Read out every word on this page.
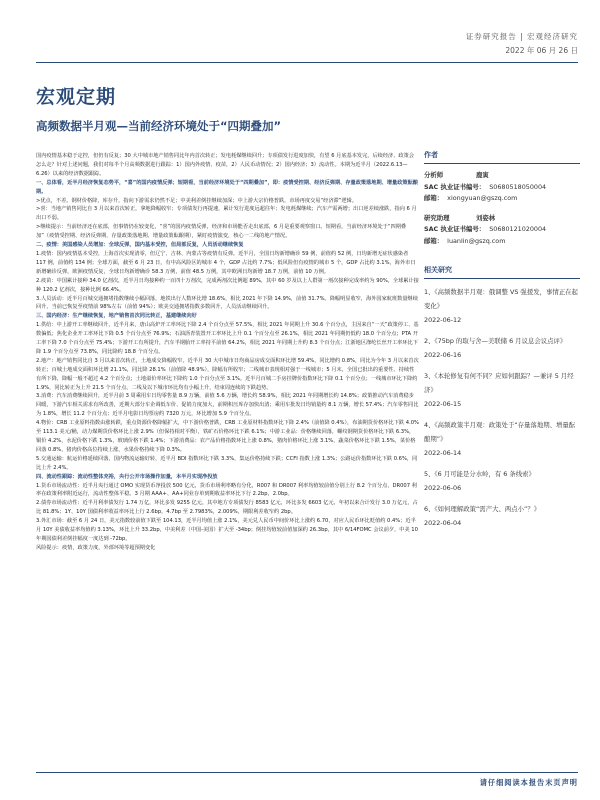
证券研究报告 | 宏观经济研究
2022 年 06 月 26 日
宏观定期
高频数据半月观—当前经济环境处于“四期叠加”

国内疫情基本稳于定控，但仍有反复；30 大中城市地产销售同比年内首次转正；发电耗煤继续回升；专项债发行进度加快，有望 6 月底基本发完，后续经济、政策会怎么走？针对上述问题，我们对每半个月高频数据进行跟踪：1）国内外疫情、疫苗，2）人民币动情况；2）国内经济；3）流动性。本期为近半月（2022.6.13—6.26）以来的经济数据跟踪。

一、总体看，近半月经济恢复态势平，“喜”的国内疫情反弹；短期看，当前经济环境处于“四期叠加”，即：疫情受控期、经济反弹期、存量政策落地期、增量政策酝酿期。

>优点，不差。钢材价格降，库存升，指向下游需求仍然不足；中美利差倒挂继续加深；中上游大宗价格普跌，市场再度交易“经济滞”逻辑。

>喜：当地产销售同比自 3 月以来首次转正，拿地降幅收窄；专项债发行再提速，累计发行进度远超往年；发电耗煤继续；汽车产需两增；出口逆差续涨跌，指向 6 月出口不弱。

>继续提示：当前经济还在底部，但事情仍在较变化，“喜”的国内疫情反弹，经济和市场能否走出底部，6 月是重要观察窗口。短期看，当前经济环境处于“四期叠加”（疫情受控期、经济反弹期、存量政策落地期、增量政策酝酿期），紧盯疫情演变，核心一二线的地产情况。

二、疫情：美国感染人员增加：全球反弹，国内基本受控，但局部反复，人员活动继续恢复

1.疫情：国内疫情基本受控，上海首次实现清零，但辽宁、吉林、内蒙古等疫情有反弹。近半月，全国日均新增确诊 59 例，前值约 52 例，日均新增无症状感染者 117 例，前值约 134 例；全球方面，截至 6 月 23 日，有中高风险区的城市 4 个，GDP 占比约 7.7%；低风险但有疫情的城市 5 个，GDP 占比约 3.1%，海外市日新增确诊反弹，欧洲疫情反复，全球日均新增确诊 58.3 万例，前值 48.5 万例，其中欧洲日均新增 18.7 万例，前值 10 万例。

2.疫苗：中国累计接种 34.0 亿剂次，近半月日均接种约一百四十万剂次，完成两剂次比例超 89%，其中 60 岁及以上人群第一剂次接种完成率约为 90%，全球累计接种 120.2 亿剂次，接种比例 66.4%。

3.人员活动：近半月百城交通拥堵指数继续小幅回落，地铁出行人数环比增 18.6%，相比 2021 年下降 14.9%，前值 31.7%。降幅明显收窄，海外国家航班数量继续回升，当前已恢复至疫情前 98%左右（前值 94%）；欧美交通拥堵指数多数回升，人员活动继续回升。

三、国内经济：生产继续恢复，地产销售首次同比转正，基建继续向好

1.供给：中上游开工率继续回升，近半月来，唐山高炉开工率环比下降 2.4 个百分点至 57.5%，相比 2021 年同期上升 30.6 个百分点，主因来自“一天”政策停工、基数偏低；焦化企业开工率环比下降 0.5 个百分点至 76.9%；石油沥青装置开工率环比上升 0.1 个百分点至 26.1%，相比 2021 年同期仍低约 18.0 个百分点；PTA 开工率下降 7.0 个百分点至 75.4%；下游开工有所提升，汽车半钢胎开工率持平前值 64.2%，相比 2021 年同期上升约 8.3 个百分点；江浙地区涤纶长丝开工率环比下降 1.9 个百分点至 73.8%，同比降约 18.8 个百分点。

2.地产：地产销售同比自 3 月以来首次转正，土地成交降幅收窄，近半月 30 大中城市日均商品房成交面积环比增 59.4%，同比增约 0.8%，同比为今年 3 月以来首次转正；百城土地成交面积环比增 21.1%，同比降 28.1%（前值降 48.9%），降幅有所收窄；二线城市表现相对强于一线城市；5 月末，全国已批出的重要性、持续性有所下降，降幅一般不超过 4.2 个百分点；土地溢价率环比下降约 1.0 个百分点至 3.1%。近半月百城二手房挂牌价指数环比下降 0.1 个百分点；一线城市环比下降约 1.9%，同比转正为上升 21.5 个百分点，二线及以下城市环比均有小幅上升，结束周连续的下跌趋势。

3.消费：汽车消费继续回升，近半月前 3 周乘用车日均零售量 8.9 万辆，前值 5.6 万辆，增长约 58.9%，相比 2021 年同期增长约 14.8%；政策推动汽车消费稳步回暖，下游汽车相关需求有所改善，近期大部分车企调低车价、促销力度加大，前期积压库存加快出清；乘用车批发日均销量约 8.1 万辆，增长 57.4%；汽车零售同比为 1.8%，增长 11.2 个百分点；近半月电影日均票房约 7320 万元，环比增加 5.9 个百分点。

4.物价：CRB 工业原料指数由涨转跌，重点资源价格降幅扩大，中下游价格普跌，CRB 工业原材料指数环比下降 2.4%（前值降 0.4%），布油期货价格环比下跌 4.0%至 113.1 美元/桶，动力煤期货价格环比上涨 2.9%（但保持相对平衡），铁矿石价格环比下跌 6.1%；中游工业品：价格继续回落，螺纹钢期货价格环比下跌 6.3%，铜价 4.2%，水泥价格下跌 1.3%，玻璃价格下跌 1.4%；下游消费品：农产品价格指数环比上涨 0.8%，猪肉价格环比上涨 3.1%，蔬菜价格环比下跌 1.5%，菜价格回落 0.8%，猪肉价格高位持续上涨，水果价格持续下降 0.3%。

5.交通运输：航运价格延续回落，国内物流运输好转，近半月 BDI 指数环比下跌 3.3%，集运价格持续下跌；CCFI 指数上涨 1.3%；公路运价指数环比下跌 0.6%，同比上升 2.4%。

四、流动性跟踪：流动性整体充裕，央行公开市场操作加量，本半月实现净投放

1.货币市场流动性：近半月央行通过 OMO 实现货币净投放 500 亿元，货币市场利率略有分化，R007 和 DR007 利率均值较前值分别上行 8.2 个百分点，DR007 利率在政策利率附近运行，流动性整体平稳。3 月期 AAA+、AA+同业存单到期收益率环比下行 2.2bp，2.0bp。

2.债券市场流动性：近半月利率债发行 1.74 万亿，环比多发 9255 亿元，其中地方专项债发行 8583 亿元，环比多发 6603 亿元，年初以来合计发行 3.0 万亿元，占比 81.8%；1Y、10Y 国债利率收益率环比上行 2.6bp，4.7bp 至 2.7983%，2.009%，期限利差收窄约 2bp。

3.外汇市场：截至 6 月 24 日，美元指数较前值下跌至 104.13，近半月均值上涨 2.1%，美元兑人民币中间价环比上涨约 6.70，对应人民币环比贬值约 0.4%；近半月 10Y 美债收益率均值约 3.13%，环比上升 33.2bp，中美利差（中国-美国）扩大至 -34bp；倒挂均值较前值加深约 26.3bp，其中 6/14FOMC 会议前夕，中美 10 年期国债利差倒挂幅度一度达到 -72bp。

风险提示：疫情，政策力度，外部环境等超预期变化

作者
分析师	鹿寅
SAC 执业证书编号： S0680518050004
邮箱： xiongyuan@gszq.com
研究助理	刘姿林
SAC 执业证书编号： S0680121020004
邮箱： luanlin@gszq.com
相关研究
1、《高频数据半月观：俄调整 VS 强援发，事情正在起变化》
2022-06-12
2、《75bp 的取与舍—美联储 6 月议息会议点评》
2022-06-16
3、《本轮修复有何不同？应如何跟踪？—兼评 5 月经济》
2022-06-15
4、《高频政策半月观：政策处于“存量落地期、增量酝酿期”》
2022-06-14
5、《6 月可能是分水岭，有 6 条线索》
2022-06-06
6、《如何理解政策“需产大、两点小”？》
2022-06-04
请仔细阅读本报告末页声明
